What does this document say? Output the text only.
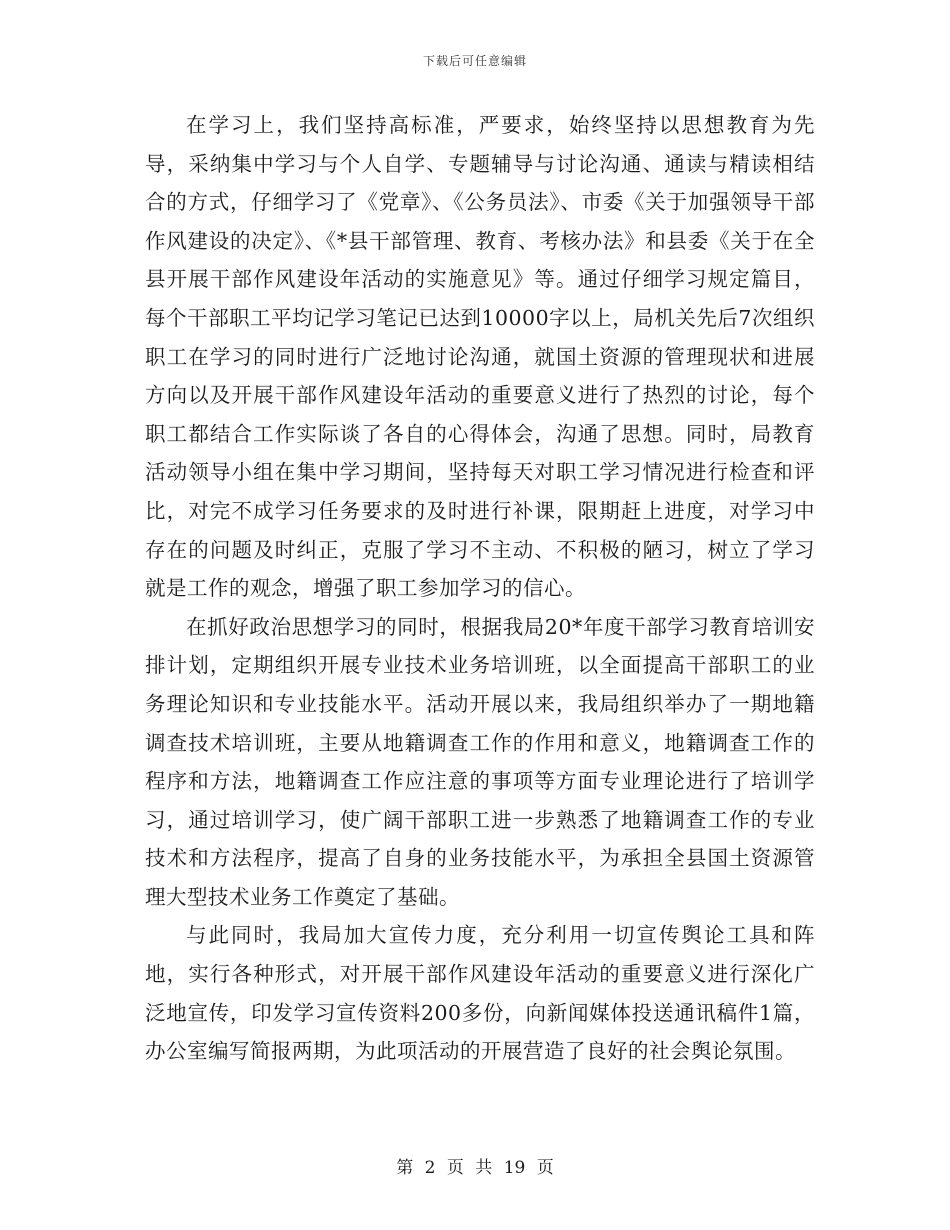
下载后可任意编辑

在学习上，我们坚持高标准，严要求，始终坚持以思想教育为先导，采纳集中学习与个人自学、专题辅导与讨论沟通、通读与精读相结合的方式，仔细学习了《党章》、《公务员法》、市委《关于加强领导干部作风建设的决定》、《*县干部管理、教育、考核办法》和县委《关于在全县开展干部作风建设年活动的实施意见》等。通过仔细学习规定篇目，每个干部职工平均记学习笔记已达到10000字以上，局机关先后7次组织职工在学习的同时进行广泛地讨论沟通，就国土资源的管理现状和进展方向以及开展干部作风建设年活动的重要意义进行了热烈的讨论，每个职工都结合工作实际谈了各自的心得体会，沟通了思想。同时，局教育活动领导小组在集中学习期间，坚持每天对职工学习情况进行检查和评比，对完不成学习任务要求的及时进行补课，限期赶上进度，对学习中存在的问题及时纠正，克服了学习不主动、不积极的陋习，树立了学习就是工作的观念，增强了职工参加学习的信心。

在抓好政治思想学习的同时，根据我局20*年度干部学习教育培训安排计划，定期组织开展专业技术业务培训班，以全面提高干部职工的业务理论知识和专业技能水平。活动开展以来，我局组织举办了一期地籍调查技术培训班，主要从地籍调查工作的作用和意义，地籍调查工作的程序和方法，地籍调查工作应注意的事项等方面专业理论进行了培训学习，通过培训学习，使广阔干部职工进一步熟悉了地籍调查工作的专业技术和方法程序，提高了自身的业务技能水平，为承担全县国土资源管理大型技术业务工作奠定了基础。

与此同时，我局加大宣传力度，充分利用一切宣传舆论工具和阵地，实行各种形式，对开展干部作风建设年活动的重要意义进行深化广泛地宣传，印发学习宣传资料200多份，向新闻媒体投送通讯稿件1篇，办公室编写简报两期，为此项活动的开展营造了良好的社会舆论氛围。

第 2 页 共 19 页
